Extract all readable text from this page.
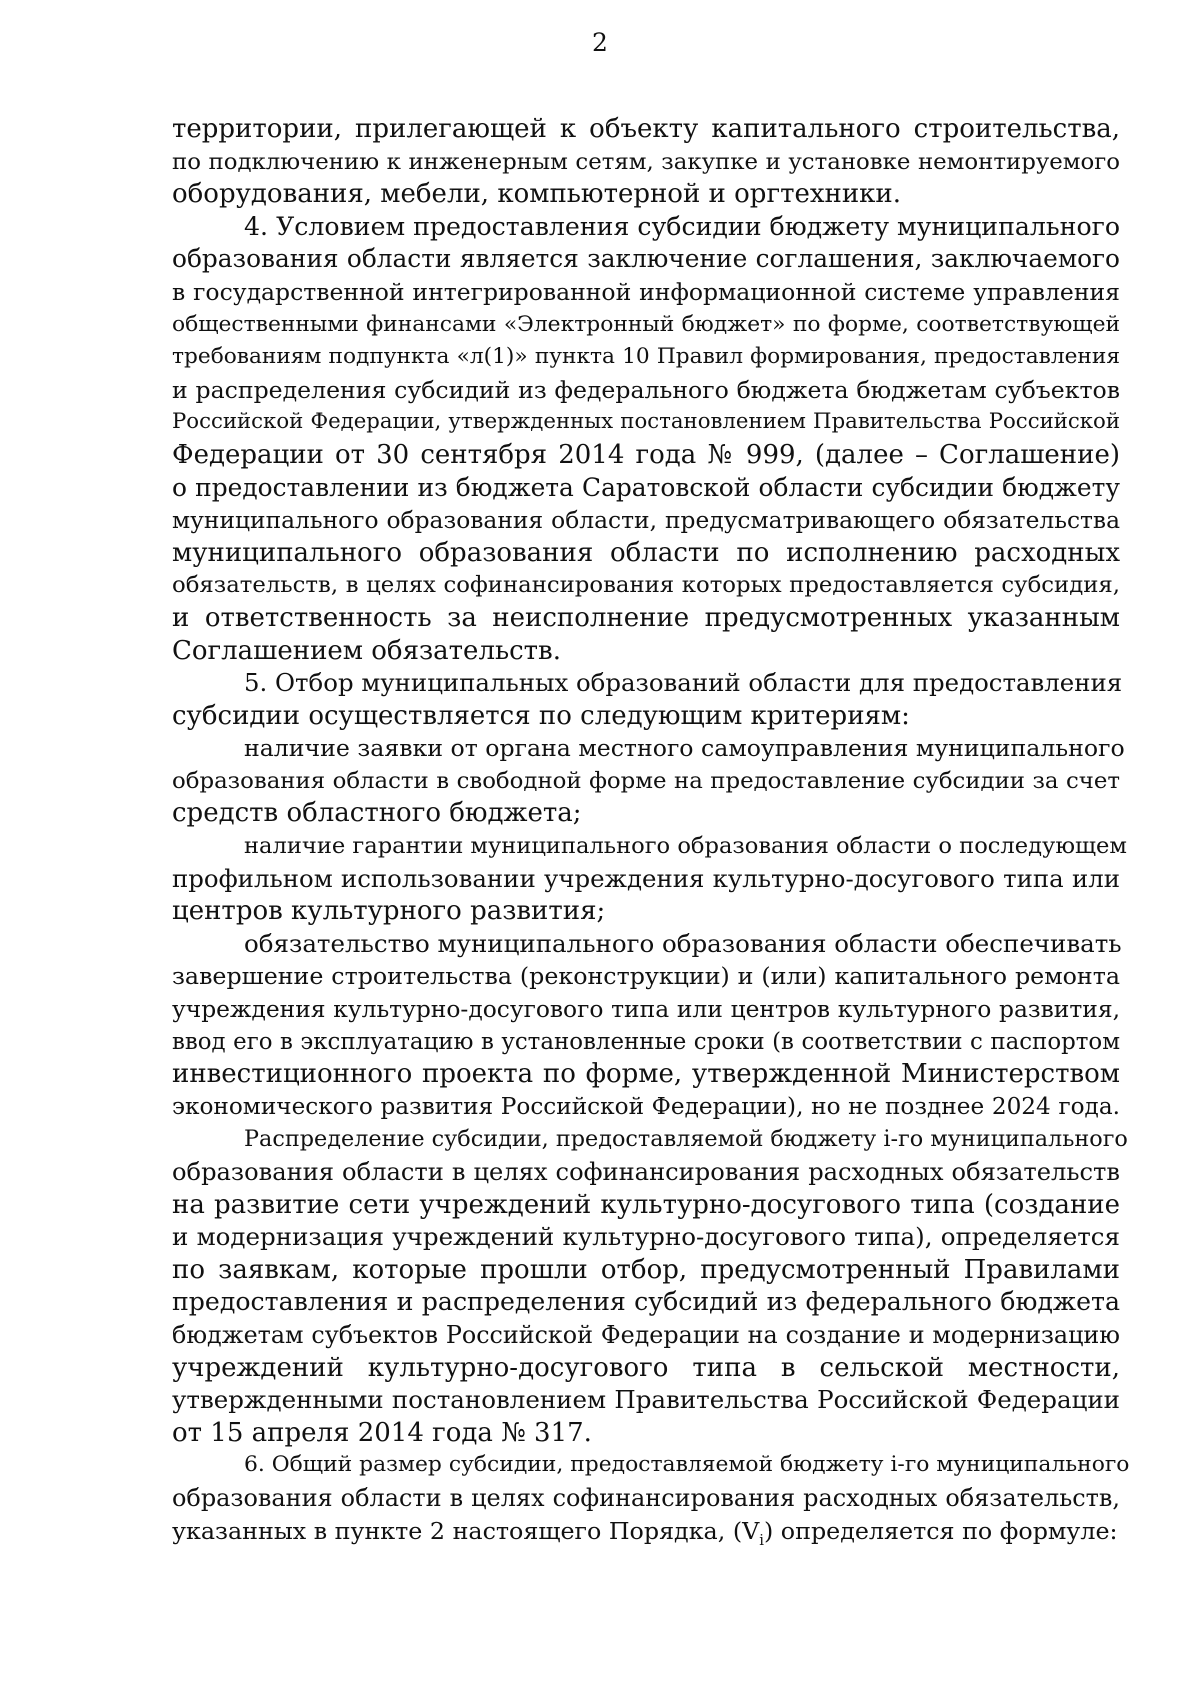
2
территории, прилегающей к объекту капитального строительства,
по подключению к инженерным сетям, закупке и установке немонтируемого
оборудования, мебели, компьютерной и оргтехники.
4. Условием предоставления субсидии бюджету муниципального
образования области является заключение соглашения, заключаемого
в государственной интегрированной информационной системе управления
общественными финансами «Электронный бюджет» по форме, соответствующей
требованиям подпункта «л(1)» пункта 10 Правил формирования, предоставления
и распределения субсидий из федерального бюджета бюджетам субъектов
Российской Федерации, утвержденных постановлением Правительства Российской
Федерации от 30 сентября 2014 года № 999, (далее – Соглашение)
о предоставлении из бюджета Саратовской области субсидии бюджету
муниципального образования области, предусматривающего обязательства
муниципального образования области по исполнению расходных
обязательств, в целях софинансирования которых предоставляется субсидия,
и ответственность за неисполнение предусмотренных указанным
Соглашением обязательств.
5. Отбор муниципальных образований области для предоставления
субсидии осуществляется по следующим критериям:
наличие заявки от органа местного самоуправления муниципального
образования области в свободной форме на предоставление субсидии за счет
средств областного бюджета;
наличие гарантии муниципального образования области о последующем
профильном использовании учреждения культурно-досугового типа или
центров культурного развития;
обязательство муниципального образования области обеспечивать
завершение строительства (реконструкции) и (или) капитального ремонта
учреждения культурно-досугового типа или центров культурного развития,
ввод его в эксплуатацию в установленные сроки (в соответствии с паспортом
инвестиционного проекта по форме, утвержденной Министерством
экономического развития Российской Федерации), но не позднее 2024 года.
Распределение субсидии, предоставляемой бюджету i-го муниципального
образования области в целях софинансирования расходных обязательств
на развитие сети учреждений культурно-досугового типа (создание
и модернизация учреждений культурно-досугового типа), определяется
по заявкам, которые прошли отбор, предусмотренный Правилами
предоставления и распределения субсидий из федерального бюджета
бюджетам субъектов Российской Федерации на создание и модернизацию
учреждений культурно-досугового типа в сельской местности,
утвержденными постановлением Правительства Российской Федерации
от 15 апреля 2014 года № 317.
6. Общий размер субсидии, предоставляемой бюджету i-го муниципального
образования области в целях софинансирования расходных обязательств,
указанных в пункте 2 настоящего Порядка, $(V_i)$ определяется по формуле:
